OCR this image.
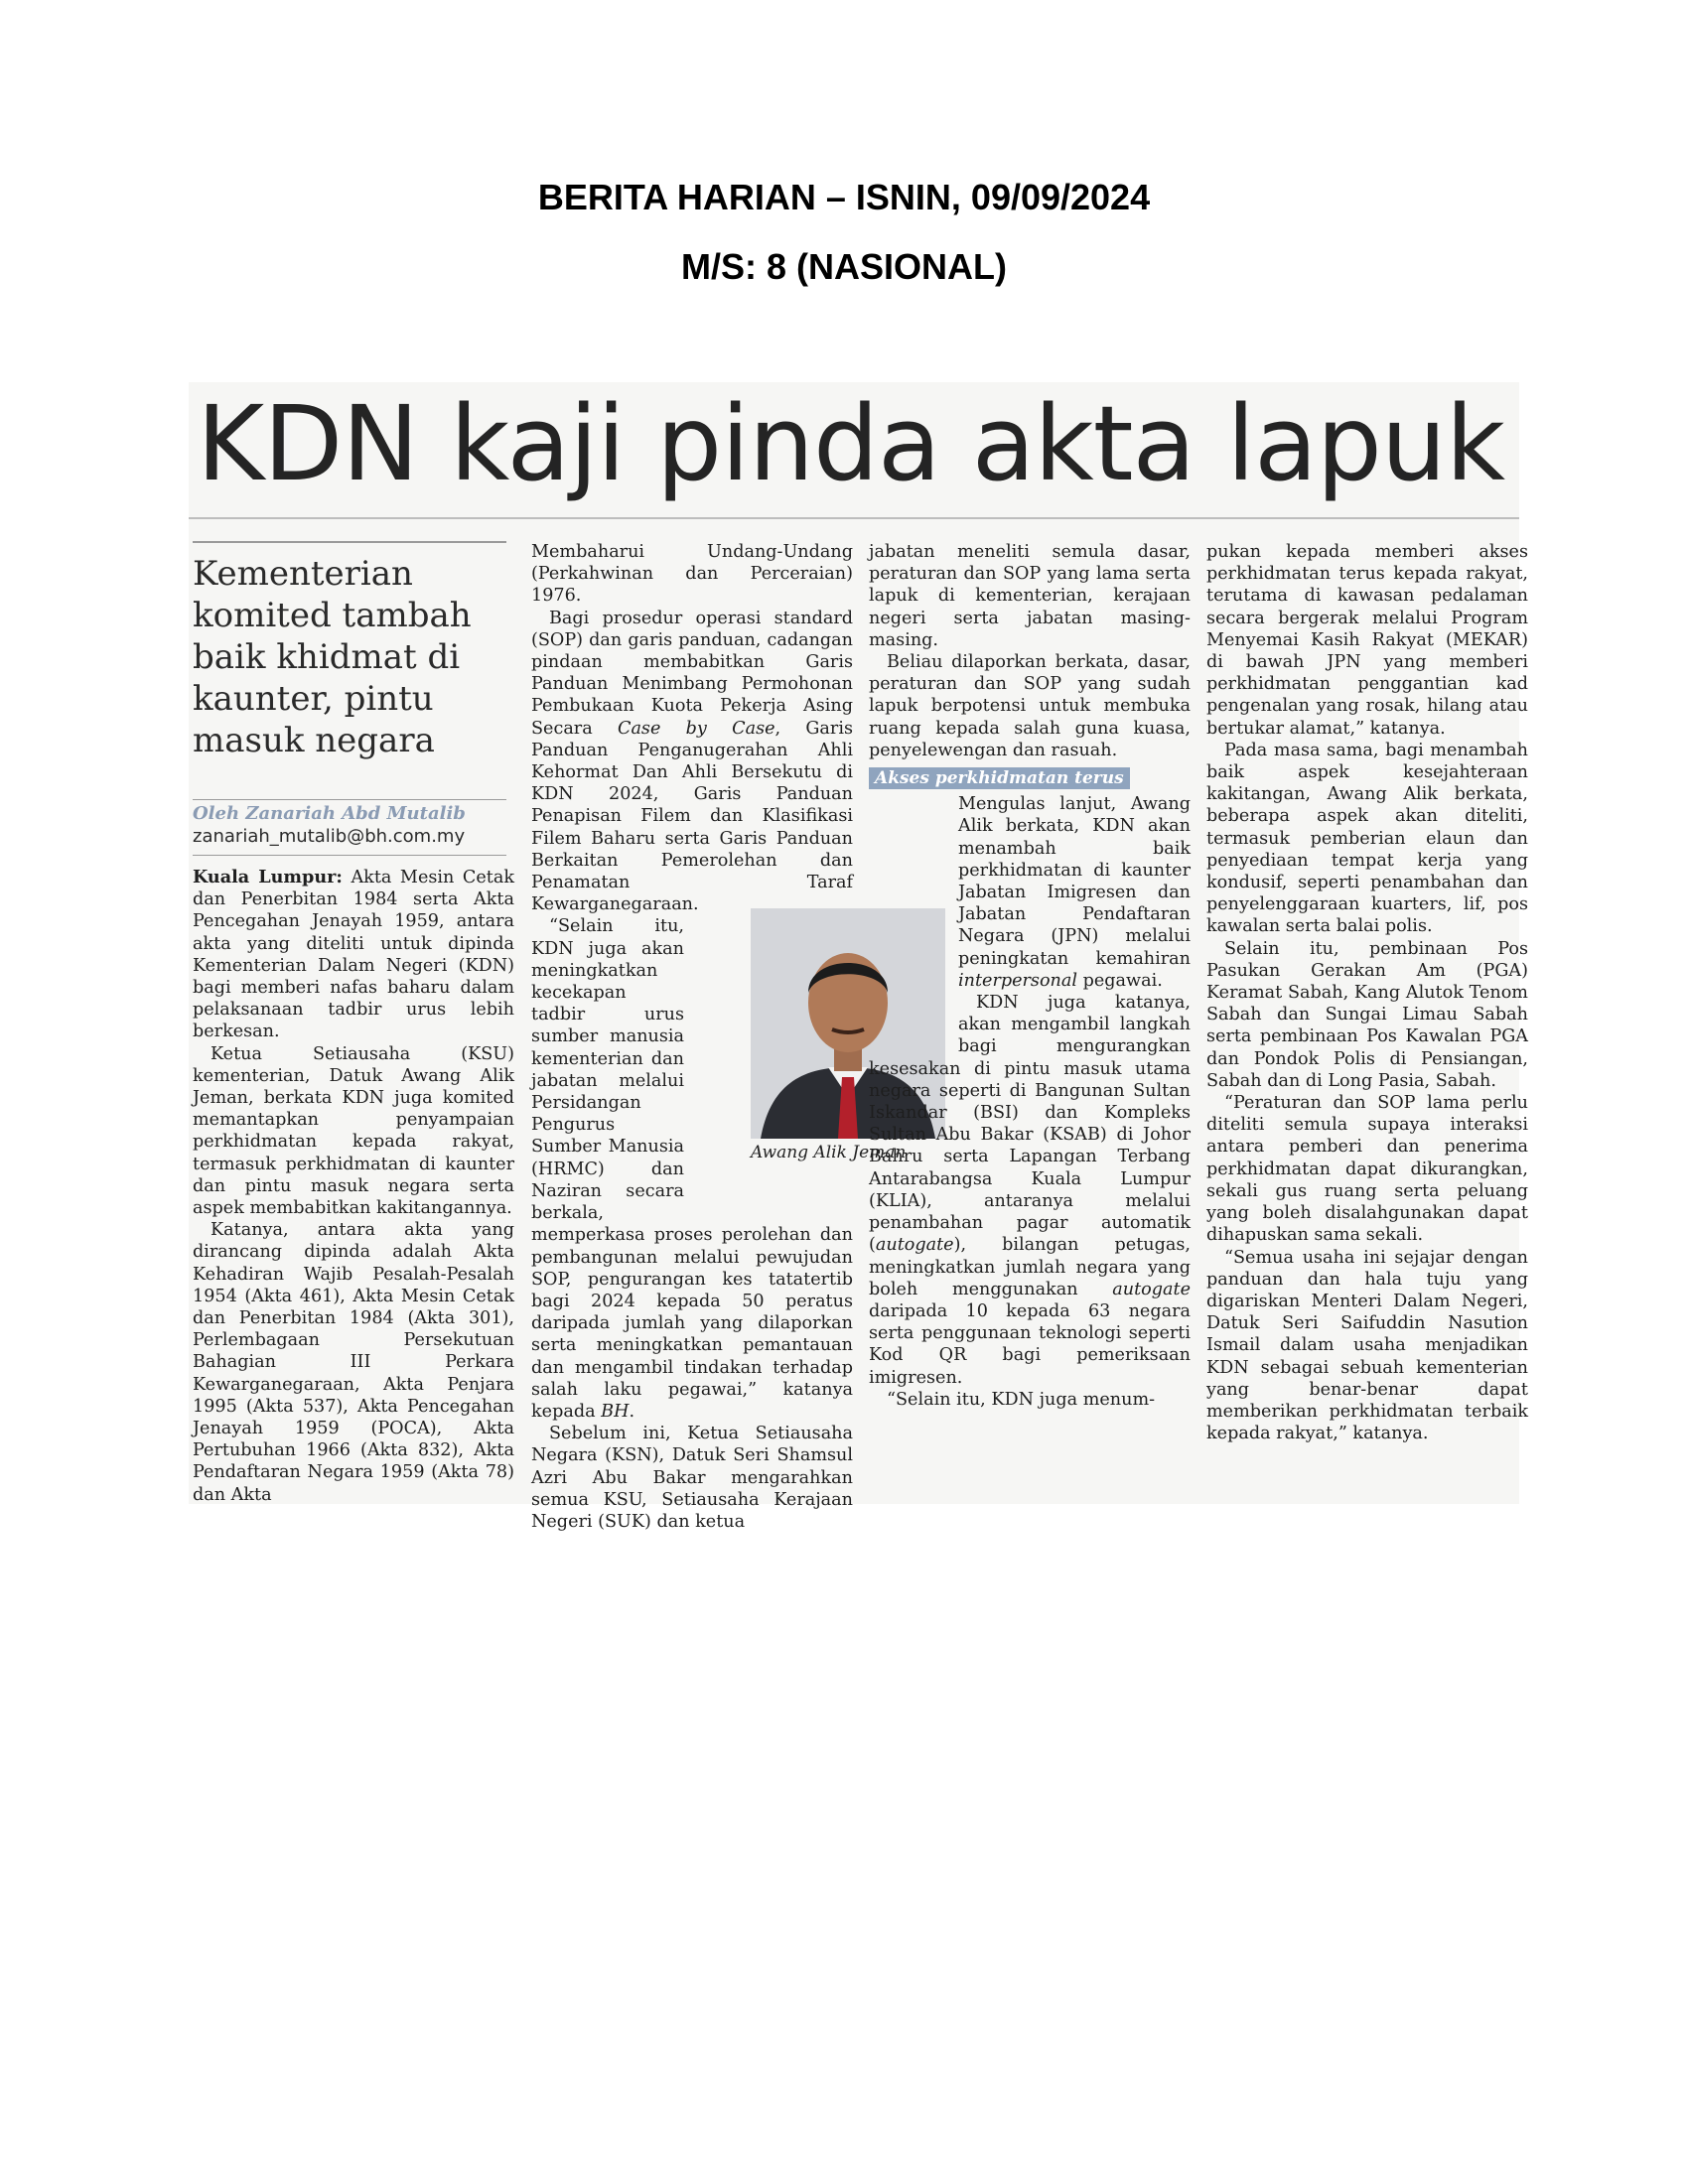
BERITA HARIAN – ISNIN, 09/09/2024
M/S: 8 (NASIONAL)
KDN kaji pinda akta lapuk
Kementerian komited tambah baik khidmat di kaunter, pintu masuk negara
Oleh Zanariah Abd Mutalib
zanariah_mutalib@bh.com.my

Kuala Lumpur: Akta Mesin Cetak dan Penerbitan 1984 serta Akta Pencegahan Jenayah 1959, antara akta yang diteliti untuk dipinda Kementerian Dalam Negeri (KDN) bagi memberi nafas baharu dalam pelaksanaan tadbir urus lebih berkesan.

Ketua Setiausaha (KSU) kementerian, Datuk Awang Alik Jeman, berkata KDN juga komited memantapkan penyampaian perkhidmatan kepada rakyat, termasuk perkhidmatan di kaunter dan pintu masuk negara serta aspek membabitkan kakitangannya.

Katanya, antara akta yang dirancang dipinda adalah Akta Kehadiran Wajib Pesalah-Pesalah 1954 (Akta 461), Akta Mesin Cetak dan Penerbitan 1984 (Akta 301), Perlembagaan Persekutuan Bahagian III Perkara Kewarganegaraan, Akta Penjara 1995 (Akta 537), Akta Pencegahan Jenayah 1959 (POCA), Akta Pertubuhan 1966 (Akta 832), Akta Pendaftaran Negara 1959 (Akta 78) dan Akta

Membaharui Undang-Undang (Perkahwinan dan Perceraian) 1976.

Bagi prosedur operasi standard (SOP) dan garis panduan, cadangan pindaan membabitkan Garis Panduan Menimbang Permohonan Pembukaan Kuota Pekerja Asing Secara Case by Case, Garis Panduan Penganugerahan Ahli Kehormat Dan Ahli Bersekutu di KDN 2024, Garis Panduan Penapisan Filem dan Klasifikasi Filem Baharu serta Garis Panduan Berkaitan Pemerolehan dan Penamatan Taraf Kewarganegaraan.

“Selain itu, KDN juga akan meningkatkan kecekapan tadbir urus sumber manusia kementerian dan jabatan melalui Persidangan Pengurus Sumber Manusia (HRMC) dan Naziran secara berkala, memperkasa proses perolehan dan pembangunan melalui pewujudan SOP, pengurangan kes tatatertib bagi 2024 kepada 50 peratus daripada jumlah yang dilaporkan serta meningkatkan pemantauan dan mengambil tindakan terhadap salah laku pegawai,” katanya kepada BH.

Sebelum ini, Ketua Setiausaha Negara (KSN), Datuk Seri Shamsul Azri Abu Bakar mengarahkan semua KSU, Setiausaha Kerajaan Negeri (SUK) dan ketua

Awang Alik Jeman

jabatan meneliti semula dasar, peraturan dan SOP yang lama serta lapuk di kementerian, kerajaan negeri serta jabatan masing-masing.

Beliau dilaporkan berkata, dasar, peraturan dan SOP yang sudah lapuk berpotensi untuk membuka ruang kepada salah guna kuasa, penyelewengan dan rasuah.

Akses perkhidmatan terus

Mengulas lanjut, Awang Alik berkata, KDN akan menambah baik perkhidmatan di kaunter Jabatan Imigresen dan Jabatan Pendaftaran Negara (JPN) melalui peningkatan kemahiran interpersonal pegawai.

KDN juga katanya, akan mengambil langkah bagi mengurangkan kesesakan di pintu masuk utama negara seperti di Bangunan Sultan Iskandar (BSI) dan Kompleks Sultan Abu Bakar (KSAB) di Johor Bahru serta Lapangan Terbang Antarabangsa Kuala Lumpur (KLIA), antaranya melalui penambahan pagar automatik (autogate), bilangan petugas, meningkatkan jumlah negara yang boleh menggunakan autogate daripada 10 kepada 63 negara serta penggunaan teknologi seperti Kod QR bagi pemeriksaan imigresen.

“Selain itu, KDN juga menum-

pukan kepada memberi akses perkhidmatan terus kepada rakyat, terutama di kawasan pedalaman secara bergerak melalui Program Menyemai Kasih Rakyat (MEKAR) di bawah JPN yang memberi perkhidmatan penggantian kad pengenalan yang rosak, hilang atau bertukar alamat,” katanya.

Pada masa sama, bagi menambah baik aspek kesejahteraan kakitangan, Awang Alik berkata, beberapa aspek akan diteliti, termasuk pemberian elaun dan penyediaan tempat kerja yang kondusif, seperti penambahan dan penyelenggaraan kuarters, lif, pos kawalan serta balai polis.

Selain itu, pembinaan Pos Pasukan Gerakan Am (PGA) Keramat Sabah, Kang Alutok Tenom Sabah dan Sungai Limau Sabah serta pembinaan Pos Kawalan PGA dan Pondok Polis di Pensiangan, Sabah dan di Long Pasia, Sabah.

“Peraturan dan SOP lama perlu diteliti semula supaya interaksi antara pemberi dan penerima perkhidmatan dapat dikurangkan, sekali gus ruang serta peluang yang boleh disalahgunakan dapat dihapuskan sama sekali.

“Semua usaha ini sejajar dengan panduan dan hala tuju yang digariskan Menteri Dalam Negeri, Datuk Seri Saifuddin Nasution Ismail dalam usaha menjadikan KDN sebagai sebuah kementerian yang benar-benar dapat memberikan perkhidmatan terbaik kepada rakyat,” katanya.
